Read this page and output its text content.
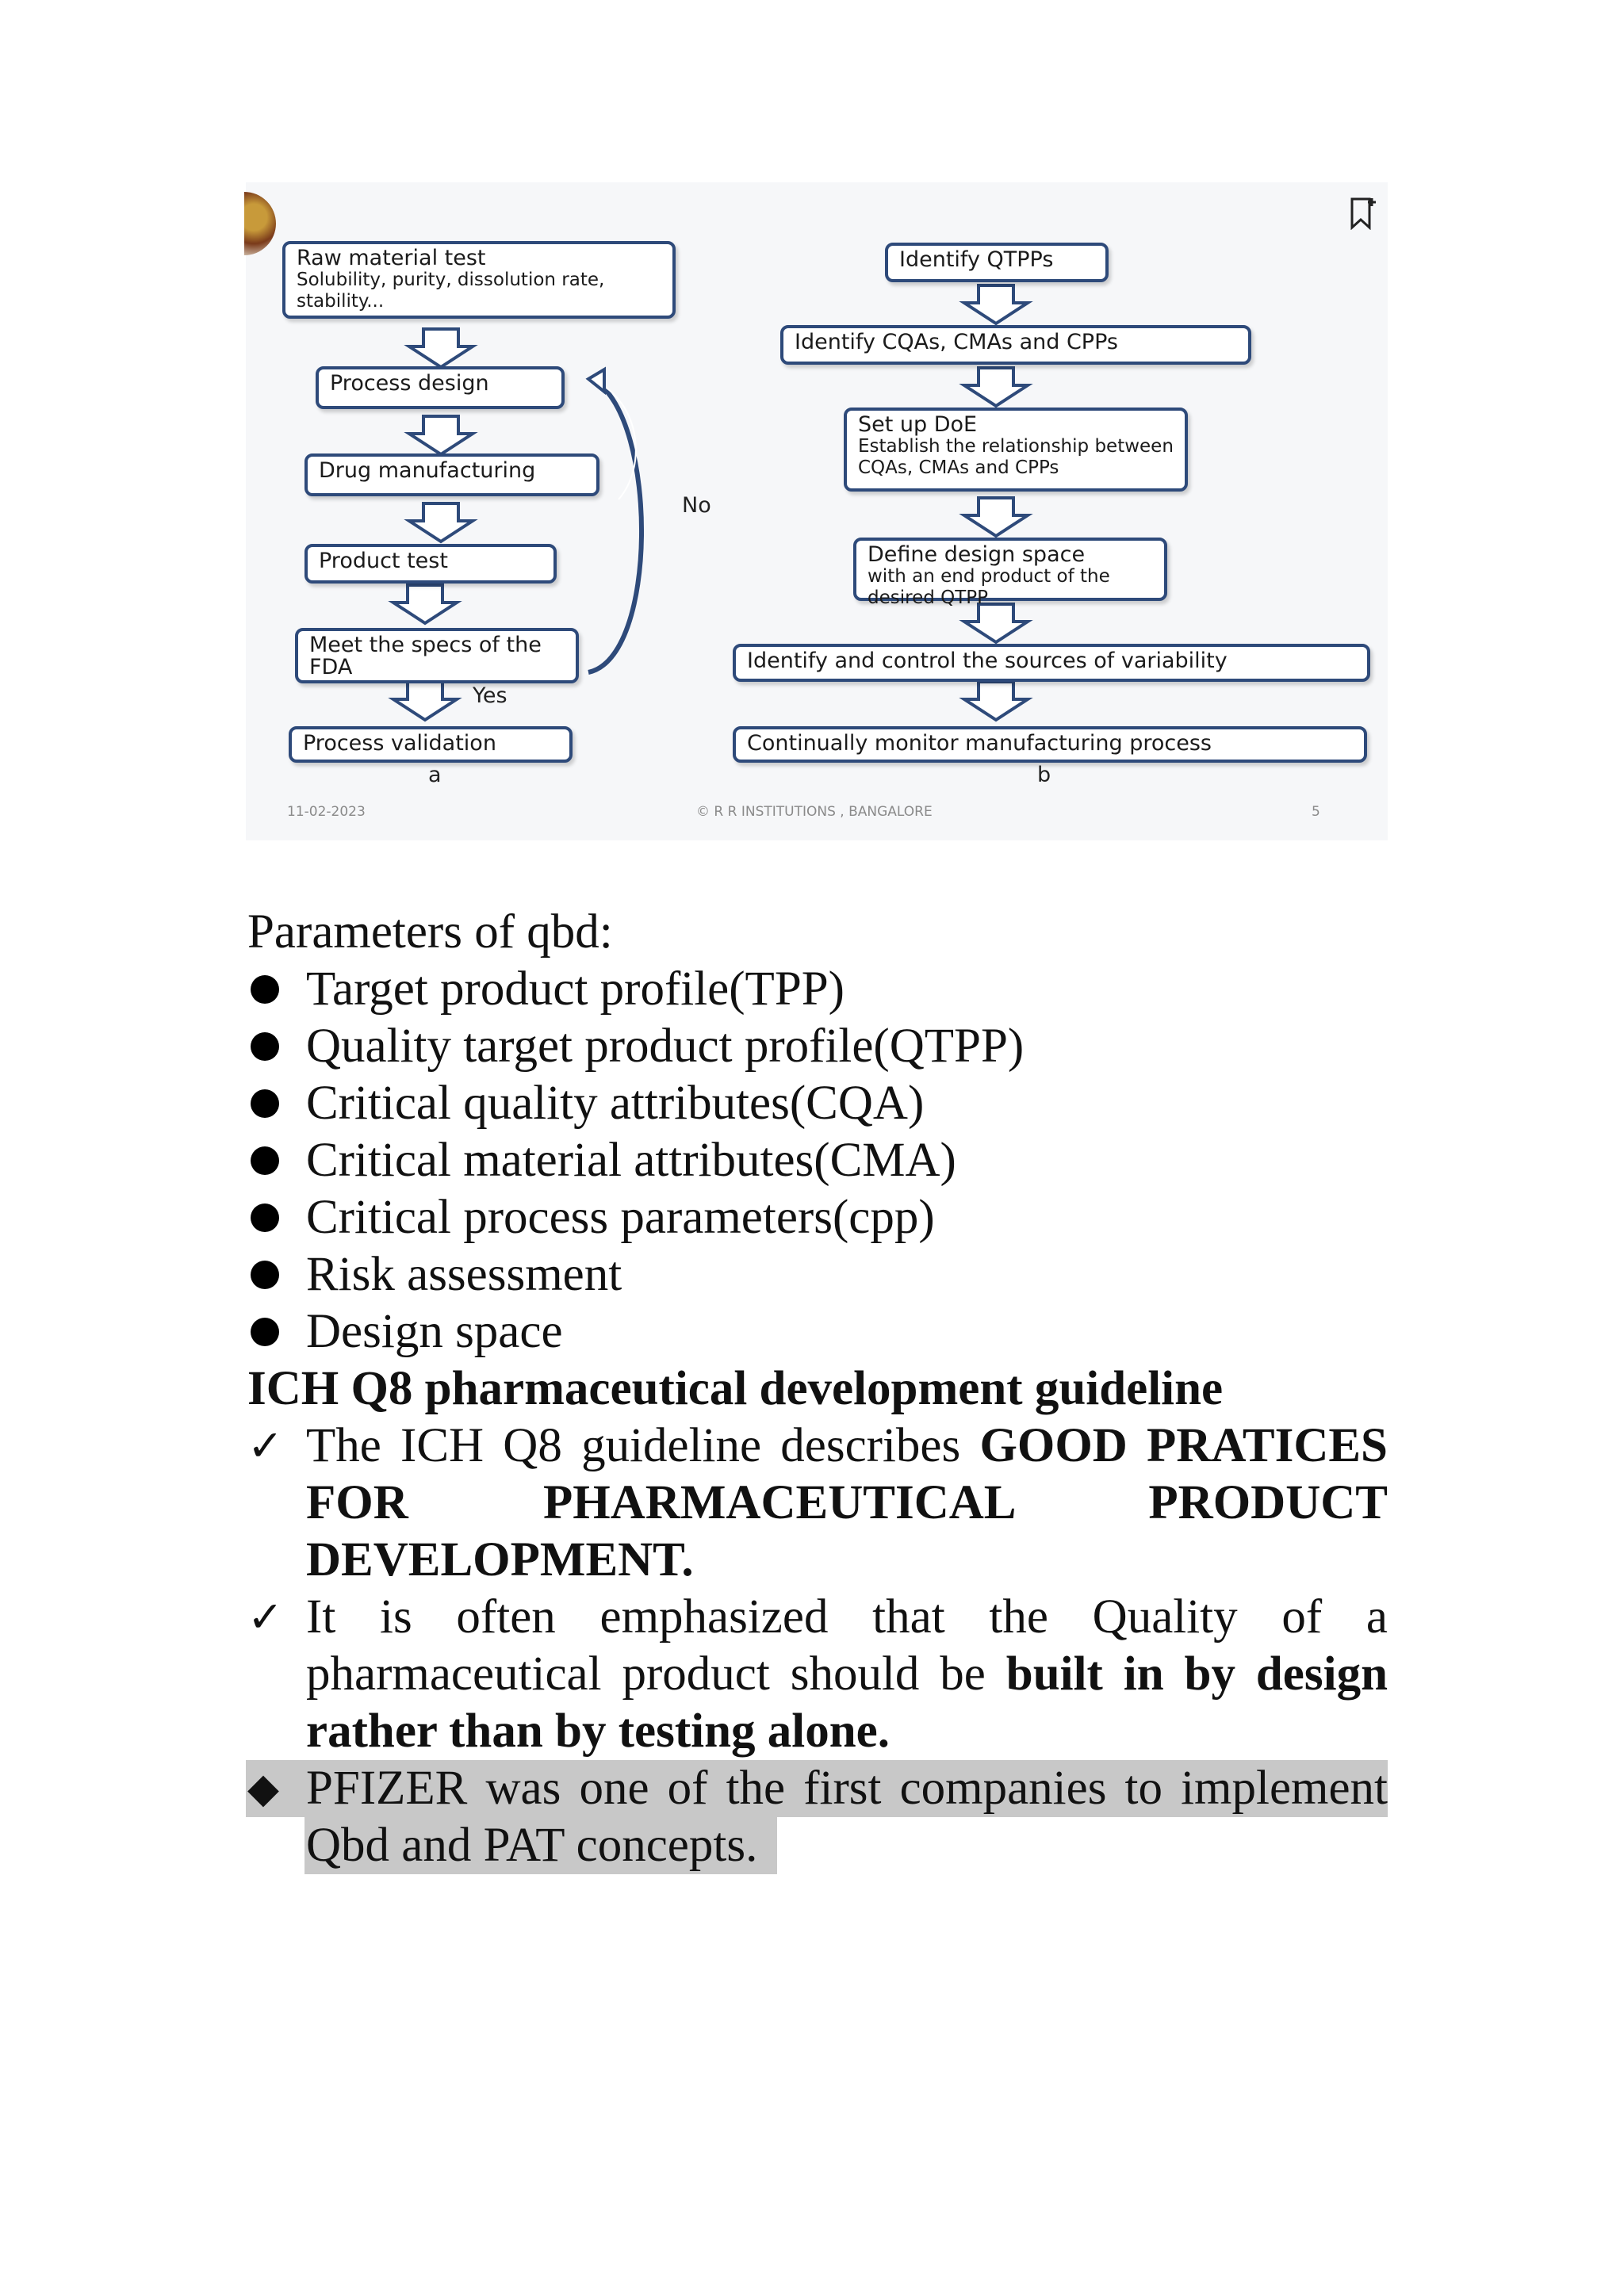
Raw material test
Solubility, purity, dissolution rate, stability...
Process design
Drug manufacturing
Product test
Meet the specs of the FDA
Process validation
No
Yes
a	b
Identify QTPPs
Identify CQAs, CMAs and CPPs
Set up DoE
Establish the relationship between CQAs, CMAs and CPPs
Define design space
with an end product of the desired QTPP
Identify and control the sources of variability
Continually monitor manufacturing process
11-02-2023	© R R INSTITUTIONS , BANGALORE	5
Parameters of qbd:
Target product profile(TPP)
Quality target product profile(QTPP)
Critical quality attributes(CQA)
Critical material attributes(CMA)
Critical process parameters(cpp)
Risk assessment
Design space
ICH Q8 pharmaceutical development guideline
✓ The ICH Q8 guideline describes GOOD PRATICES FOR PHARMACEUTICAL PRODUCT DEVELOPMENT.
✓ It is often emphasized that the Quality of a pharmaceutical product should be built in by design rather than by testing alone.
◆ PFIZER was one of the first companies to implement
Qbd and PAT concepts.
